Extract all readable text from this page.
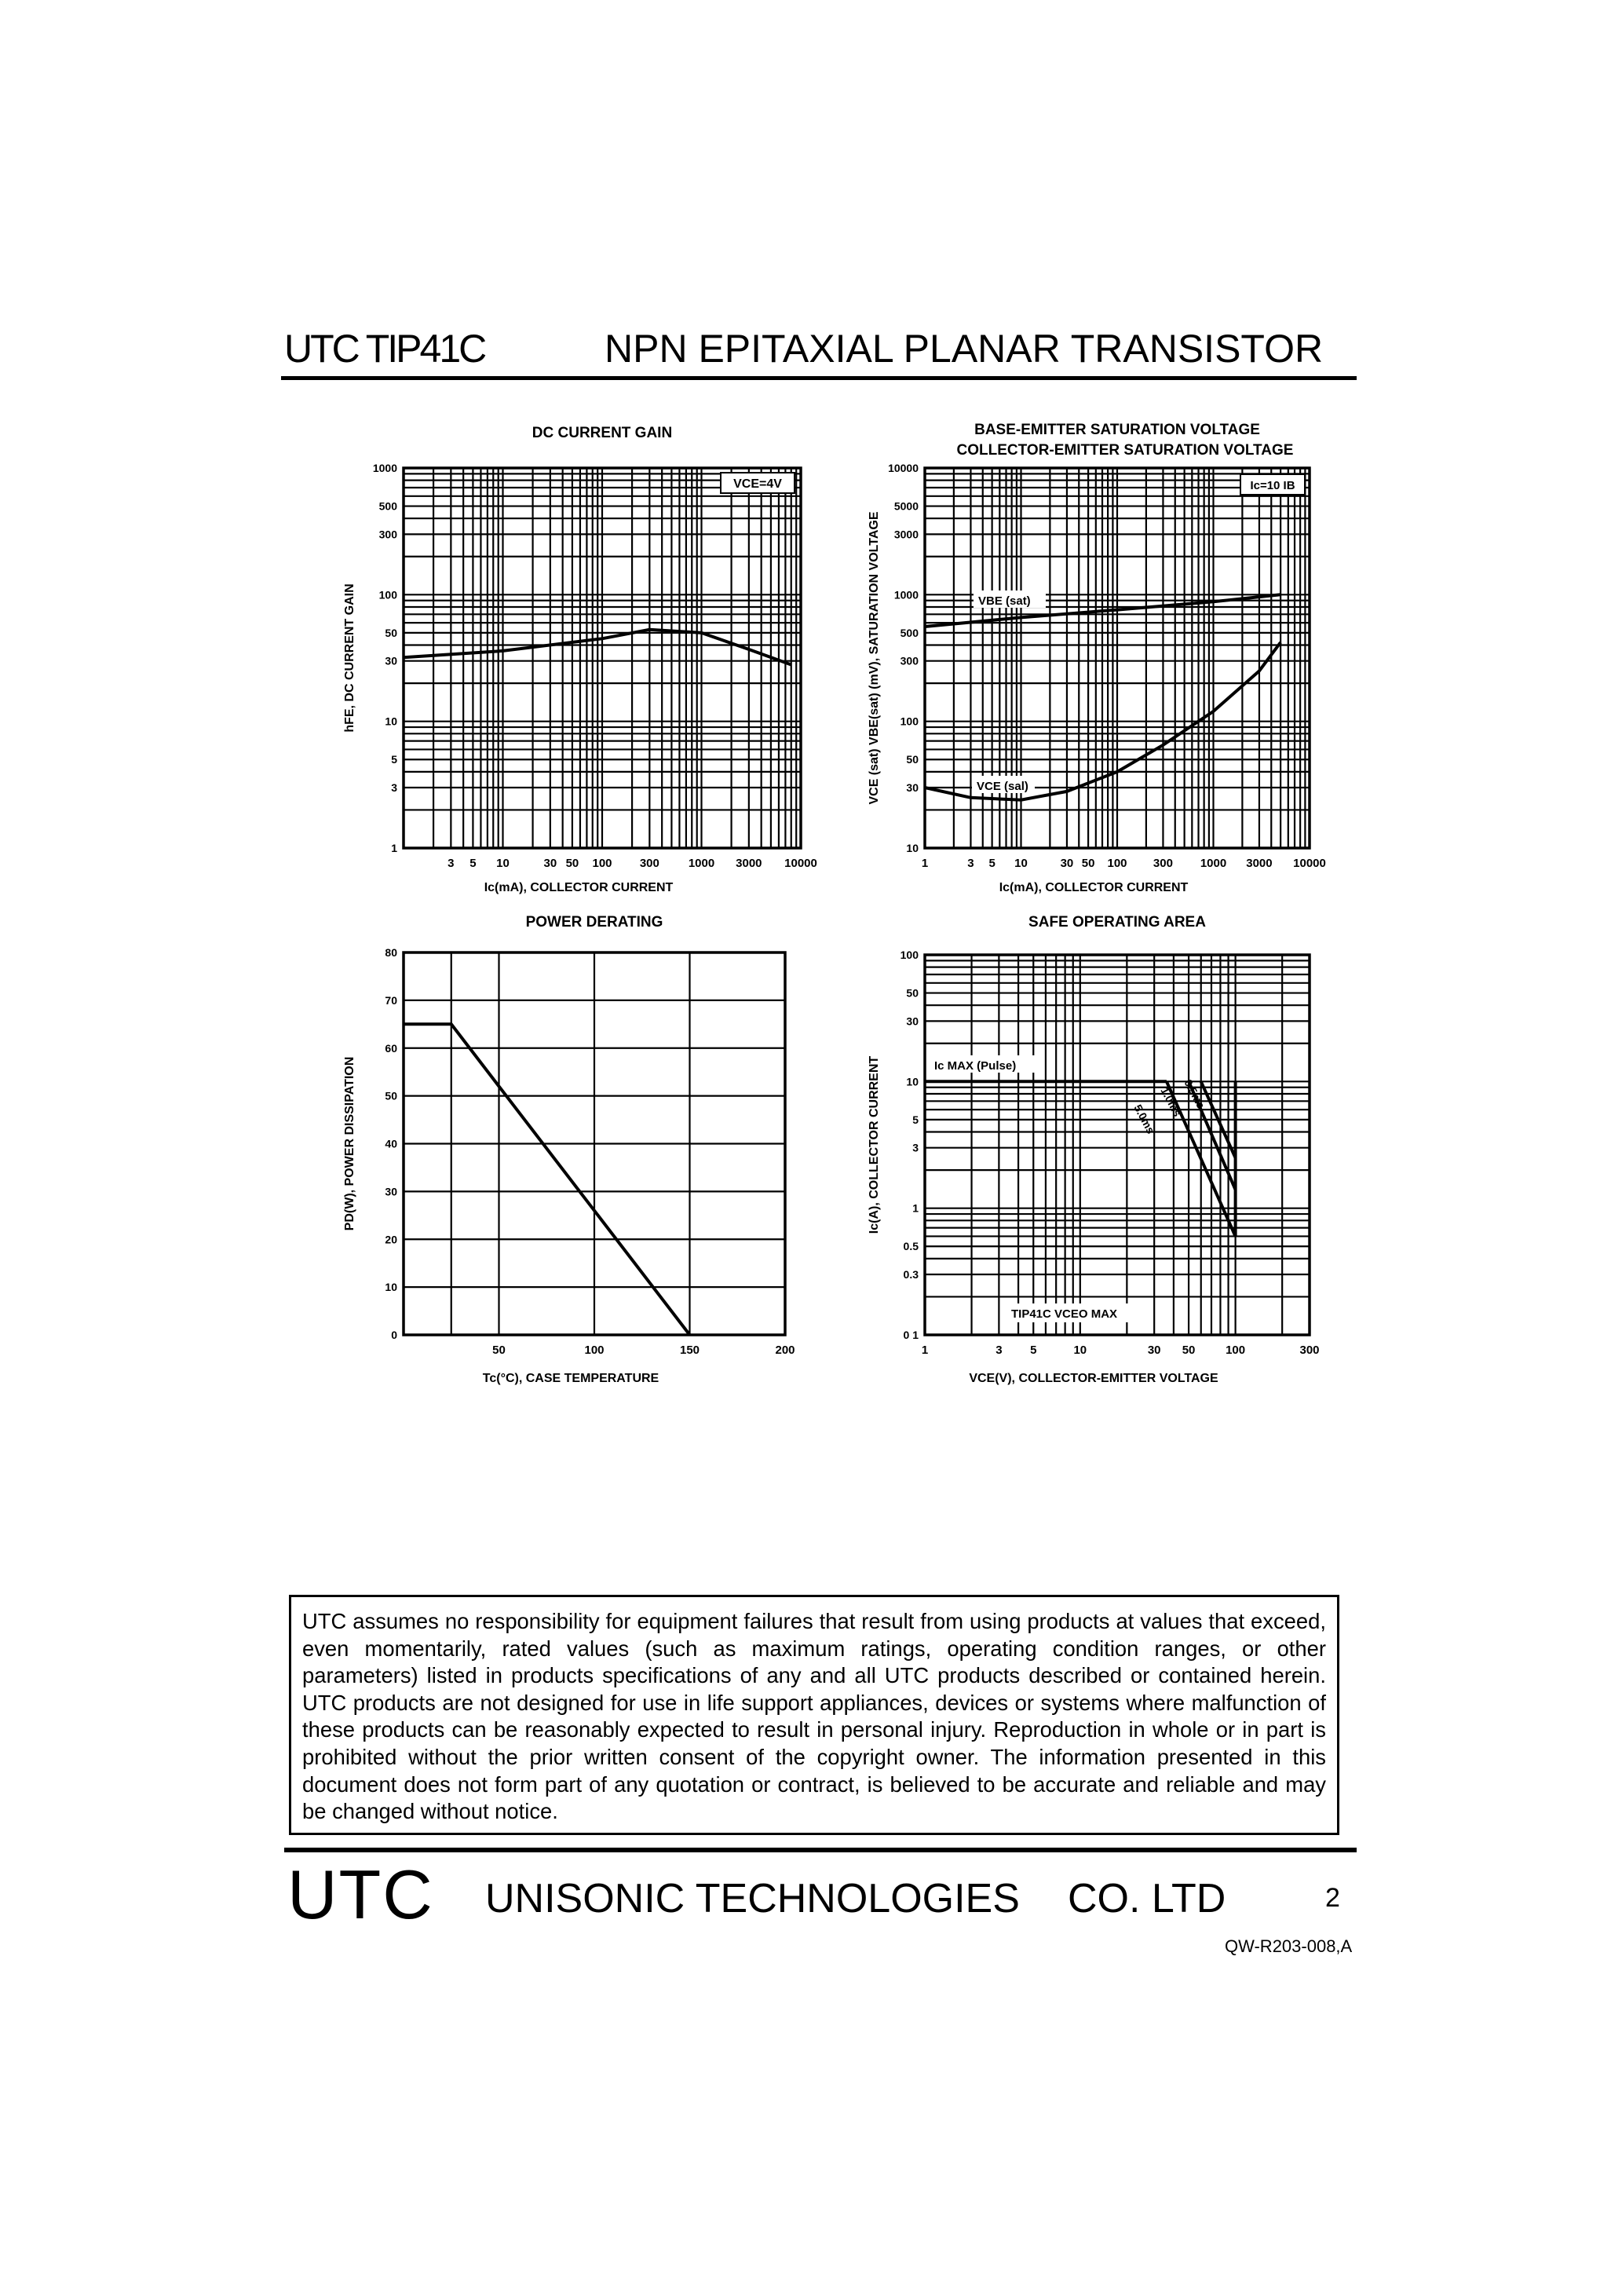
UTC TIP41C	NPN EPITAXIAL PLANAR TRANSISTOR
DC CURRENT GAIN
3 5 10	30 50 100 300 1000 3000 10000
1
3
5
10
30
50
100
300
500
1000
Ic(mA), COLLECTOR CURRENT
hFE, DC CURRENT GAIN
BASE-EMITTER SATURATION VOLTAGE
COLLECTOR-EMITTER SATURATION VOLTAGE
1	3 5 10	30 50 100 300 1000 3000 10000
10
30
50
100
300
500
1000
3000
5000
10000
Ic(mA), COLLECTOR CURRENT
VCE (sat) VBE(sat) (mV), SATURATION VOLTAGE
POWER DERATING
50	100	150	200
0
10
20
30
40
50
60
70
80
Tc(°C), CASE TEMPERATURE
PD(W), POWER DISSIPATION
SAFE OPERATING AREA
1	3 5	10	30 50	100	300
0 1
0.3
0.5
1
3
5
10
30
50
100
VCE(V), COLLECTOR-EMITTER VOLTAGE
Ic(A), COLLECTOR CURRENT
VCE=4V	Ic=10 IB
VBE (sat)
VCE (sal)
Ic MAX (Pulse)
TIP41C VCEO MAX
0.5ms
1.0ms
5.0ms
UTC assumes no responsibility for equipment failures that result from using products at values that exceed, even momentarily, rated values (such as maximum ratings, operating condition ranges, or other parameters) listed in products specifications of any and all UTC products described or contained herein. UTC products are not designed for use in life support appliances, devices or systems where malfunction of these products can be reasonably expected to result in personal injury. Reproduction in whole or in part is prohibited without the prior written consent of the copyright owner. The information presented in this document does not form part of any quotation or contract, is believed to be accurate and reliable and may be changed without notice.
UTC UNISONIC TECHNOLOGIES CO. LTD	2
QW-R203-008,A
